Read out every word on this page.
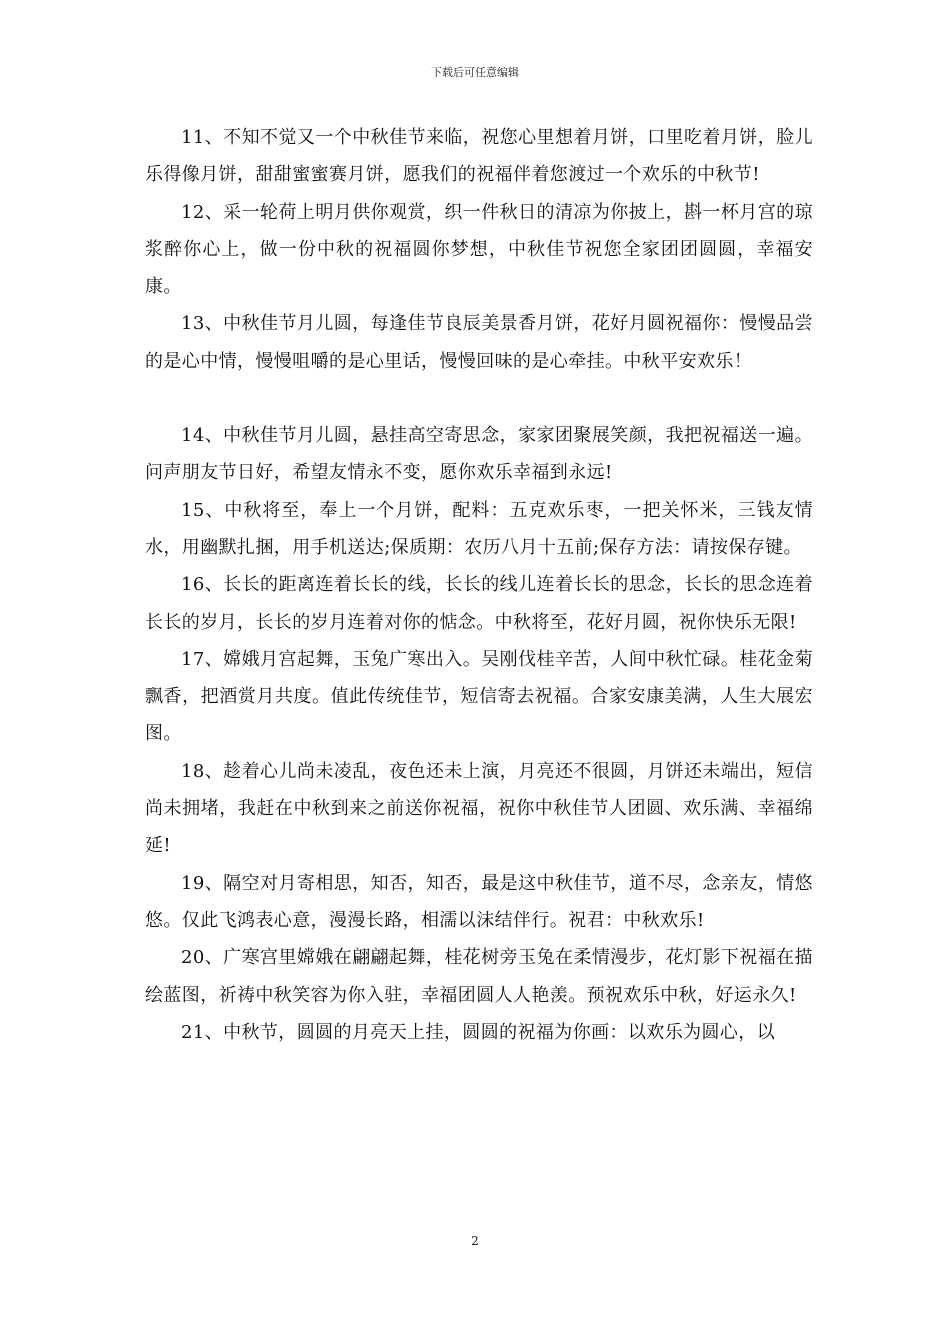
下载后可任意编辑

11、不知不觉又一个中秋佳节来临，祝您心里想着月饼，口里吃着月饼，脸儿乐得像月饼，甜甜蜜蜜赛月饼，愿我们的祝福伴着您渡过一个欢乐的中秋节!

12、采一轮荷上明月供你观赏，织一件秋日的清凉为你披上，斟一杯月宫的琼浆醉你心上，做一份中秋的祝福圆你梦想，中秋佳节祝您全家团团圆圆，幸福安康。

13、中秋佳节月儿圆，每逢佳节良辰美景香月饼，花好月圆祝福你：慢慢品尝的是心中情，慢慢咀嚼的是心里话，慢慢回味的是心牵挂。中秋平安欢乐！

14、中秋佳节月儿圆，悬挂高空寄思念，家家团聚展笑颜，我把祝福送一遍。问声朋友节日好，希望友情永不变，愿你欢乐幸福到永远!

15、中秋将至，奉上一个月饼，配料：五克欢乐枣，一把关怀米，三钱友情水，用幽默扎捆，用手机送达;保质期：农历八月十五前;保存方法：请按保存键。

16、长长的距离连着长长的线，长长的线儿连着长长的思念，长长的思念连着长长的岁月，长长的岁月连着对你的惦念。中秋将至，花好月圆，祝你快乐无限!

17、嫦娥月宫起舞，玉兔广寒出入。吴刚伐桂辛苦，人间中秋忙碌。桂花金菊飘香，把酒赏月共度。值此传统佳节，短信寄去祝福。合家安康美满，人生大展宏图。

18、趁着心儿尚未凌乱，夜色还未上演，月亮还不很圆，月饼还未端出，短信尚未拥堵，我赶在中秋到来之前送你祝福，祝你中秋佳节人团圆、欢乐满、幸福绵延!

19、隔空对月寄相思，知否，知否，最是这中秋佳节，道不尽，念亲友，情悠悠。仅此飞鸿表心意，漫漫长路，相濡以沫结伴行。祝君：中秋欢乐!

20、广寒宫里嫦娥在翩翩起舞，桂花树旁玉兔在柔情漫步，花灯影下祝福在描绘蓝图，祈祷中秋笑容为你入驻，幸福团圆人人艳羡。预祝欢乐中秋，好运永久!

21、中秋节，圆圆的月亮天上挂，圆圆的祝福为你画：以欢乐为圆心，以

2
